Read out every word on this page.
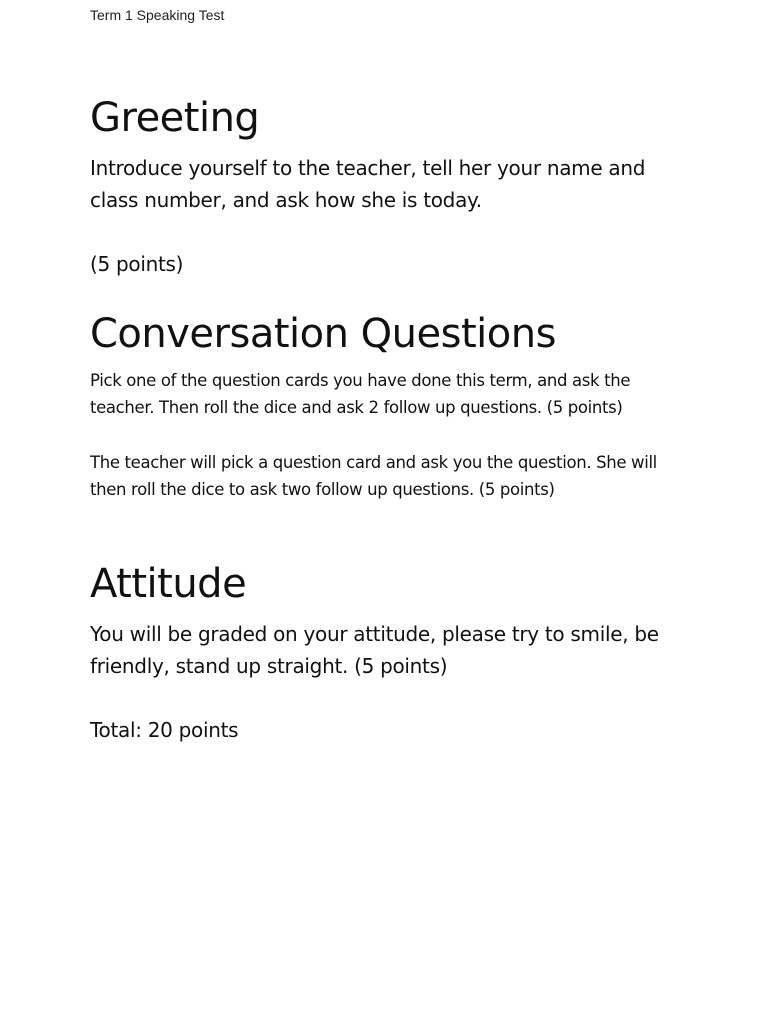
Term 1 Speaking Test
Greeting

Introduce yourself to the teacher, tell her your name and class number, and ask how she is today.

(5 points)

Conversation Questions

Pick one of the question cards you have done this term, and ask the teacher. Then roll the dice and ask 2 follow up questions. (5 points)

The teacher will pick a question card and ask you the question. She will then roll the dice to ask two follow up questions. (5 points)

Attitude

You will be graded on your attitude, please try to smile, be friendly, stand up straight. (5 points)

Total: 20 points
